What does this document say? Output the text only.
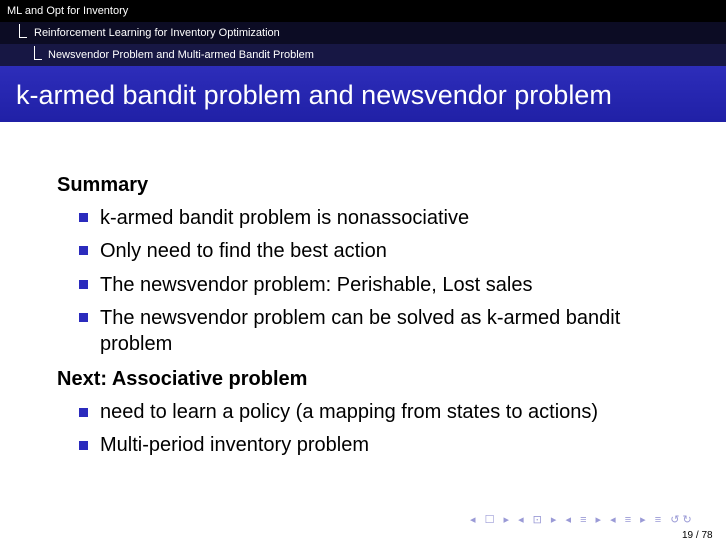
ML and Opt for Inventory
Reinforcement Learning for Inventory Optimization
Newsvendor Problem and Multi-armed Bandit Problem
k-armed bandit problem and newsvendor problem
Summary
k-armed bandit problem is nonassociative
Only need to find the best action
The newsvendor problem: Perishable, Lost sales
The newsvendor problem can be solved as k-armed bandit problem
Next: Associative problem
need to learn a policy (a mapping from states to actions)
Multi-period inventory problem
◂ ☐ ▸ ◂ ⊡ ▸ ◂ ≡ ▸ ◂ ≡ ▸ ≡ ↺↻
19 / 78
